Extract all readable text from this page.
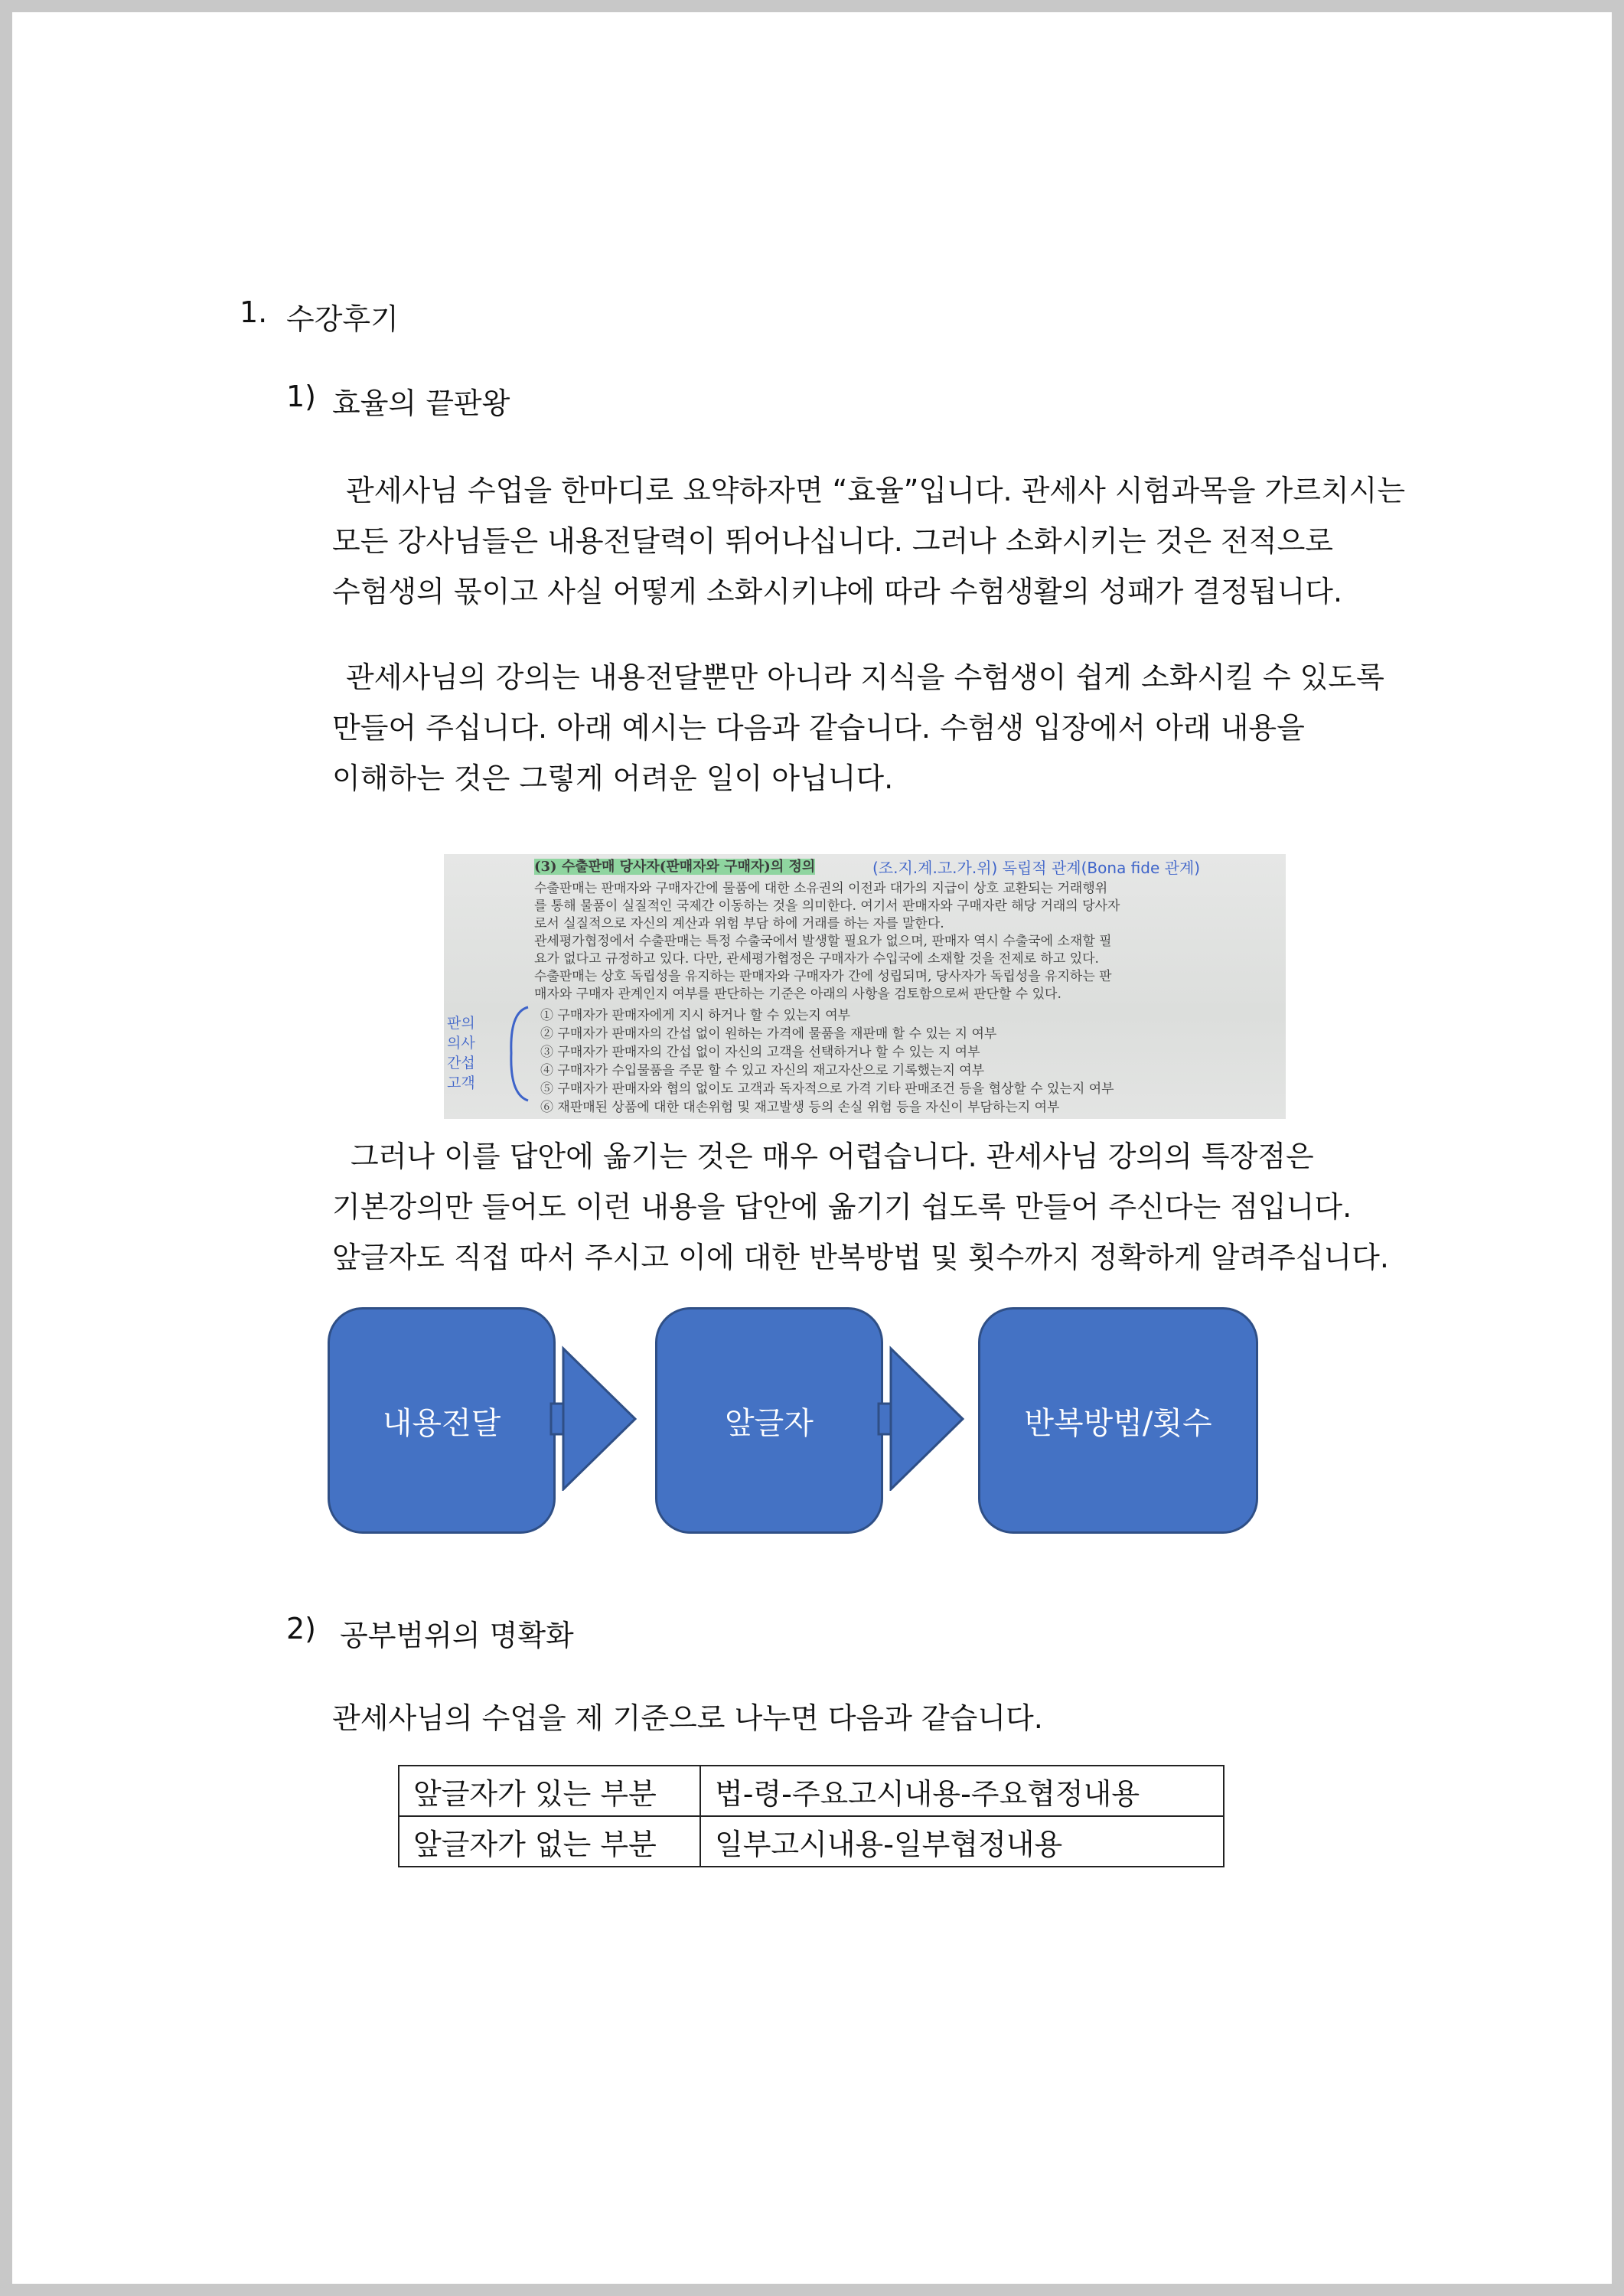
1. 수강후기
1) 효율의 끝판왕
관세사님 수업을 한마디로 요약하자면 “효율”입니다. 관세사 시험과목을 가르치시는
모든 강사님들은 내용전달력이 뛰어나십니다. 그러나 소화시키는 것은 전적으로
수험생의 몫이고 사실 어떻게 소화시키냐에 따라 수험생활의 성패가 결정됩니다.
관세사님의 강의는 내용전달뿐만 아니라 지식을 수험생이 쉽게 소화시킬 수 있도록
만들어 주십니다. 아래 예시는 다음과 같습니다. 수험생 입장에서 아래 내용을
이해하는 것은 그렇게 어려운 일이 아닙니다.
(3) 수출판매 당사자(판매자와 구매자)의 정의	(조.지.계.고.가.위) 독립적 관계(Bona fide 관계)
수출판매는 판매자와 구매자간에 물품에 대한 소유권의 이전과 대가의 지급이 상호 교환되는 거래행위
를 통해 물품이 실질적인 국제간 이동하는 것을 의미한다. 여기서 판매자와 구매자란 해당 거래의 당사자
로서 실질적으로 자신의 계산과 위험 부담 하에 거래를 하는 자를 말한다.
관세평가협정에서 수출판매는 특정 수출국에서 발생할 필요가 없으며, 판매자 역시 수출국에 소재할 필
요가 없다고 규정하고 있다. 다만, 관세평가협정은 구매자가 수입국에 소재할 것을 전제로 하고 있다.
수출판매는 상호 독립성을 유지하는 판매자와 구매자가 간에 성립되며, 당사자가 독립성을 유지하는 판
매자와 구매자 관계인지 여부를 판단하는 기준은 아래의 사항을 검토함으로써 판단할 수 있다.
① 구매자가 판매자에게 지시 하거나 할 수 있는지 여부
② 구매자가 판매자의 간섭 없이 원하는 가격에 물품을 재판매 할 수 있는 지 여부
③ 구매자가 판매자의 간섭 없이 자신의 고객을 선택하거나 할 수 있는 지 여부
④ 구매자가 수입물품을 주문 할 수 있고 자신의 재고자산으로 기록했는지 여부
⑤ 구매자가 판매자와 협의 없이도 고객과 독자적으로 가격 기타 판매조건 등을 협상할 수 있는지 여부
⑥ 재판매된 상품에 대한 대손위험 및 재고발생 등의 손실 위험 등을 자신이 부담하는지 여부
판의
의사
간섭
고객
그러나 이를 답안에 옮기는 것은 매우 어렵습니다. 관세사님 강의의 특장점은
기본강의만 들어도 이런 내용을 답안에 옮기기 쉽도록 만들어 주신다는 점입니다.
앞글자도 직접 따서 주시고 이에 대한 반복방법 및 횟수까지 정확하게 알려주십니다.
내용전달	앞글자	반복방법/횟수
2) 공부범위의 명확화
관세사님의 수업을 제 기준으로 나누면 다음과 같습니다.
앞글자가 있는 부분	법-령-주요고시내용-주요협정내용
앞글자가 없는 부분	일부고시내용-일부협정내용
